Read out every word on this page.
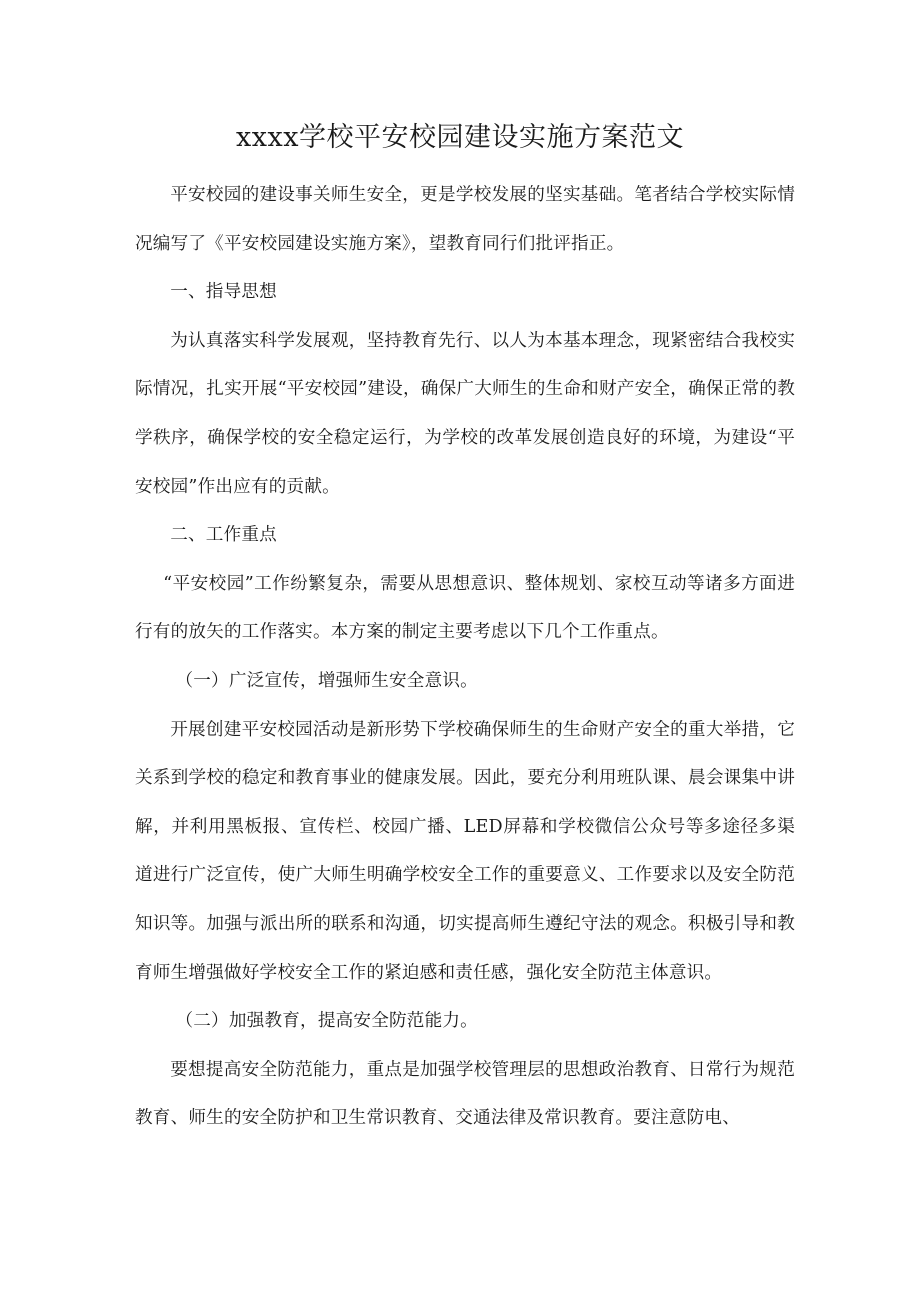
xxxx学校平安校园建设实施方案范文

平安校园的建设事关师生安全，更是学校发展的坚实基础。笔者结合学校实际情况编写了《平安校园建设实施方案》，望教育同行们批评指正。

一、指导思想

为认真落实科学发展观，坚持教育先行、以人为本基本理念，现紧密结合我校实际情况，扎实开展“平安校园”建设，确保广大师生的生命和财产安全，确保正常的教学秩序，确保学校的安全稳定运行，为学校的改革发展创造良好的环境，为建设“平安校园”作出应有的贡献。

二、工作重点

“平安校园”工作纷繁复杂，需要从思想意识、整体规划、家校互动等诸多方面进行有的放矢的工作落实。本方案的制定主要考虑以下几个工作重点。

（一）广泛宣传，增强师生安全意识。

开展创建平安校园活动是新形势下学校确保师生的生命财产安全的重大举措，它关系到学校的稳定和教育事业的健康发展。因此，要充分利用班队课、晨会课集中讲解，并利用黑板报、宣传栏、校园广播、LED屏幕和学校微信公众号等多途径多渠道进行广泛宣传，使广大师生明确学校安全工作的重要意义、工作要求以及安全防范知识等。加强与派出所的联系和沟通，切实提高师生遵纪守法的观念。积极引导和教育师生增强做好学校安全工作的紧迫感和责任感，强化安全防范主体意识。

（二）加强教育，提高安全防范能力。

要想提高安全防范能力，重点是加强学校管理层的思想政治教育、日常行为规范教育、师生的安全防护和卫生常识教育、交通法律及常识教育。要注意防电、
